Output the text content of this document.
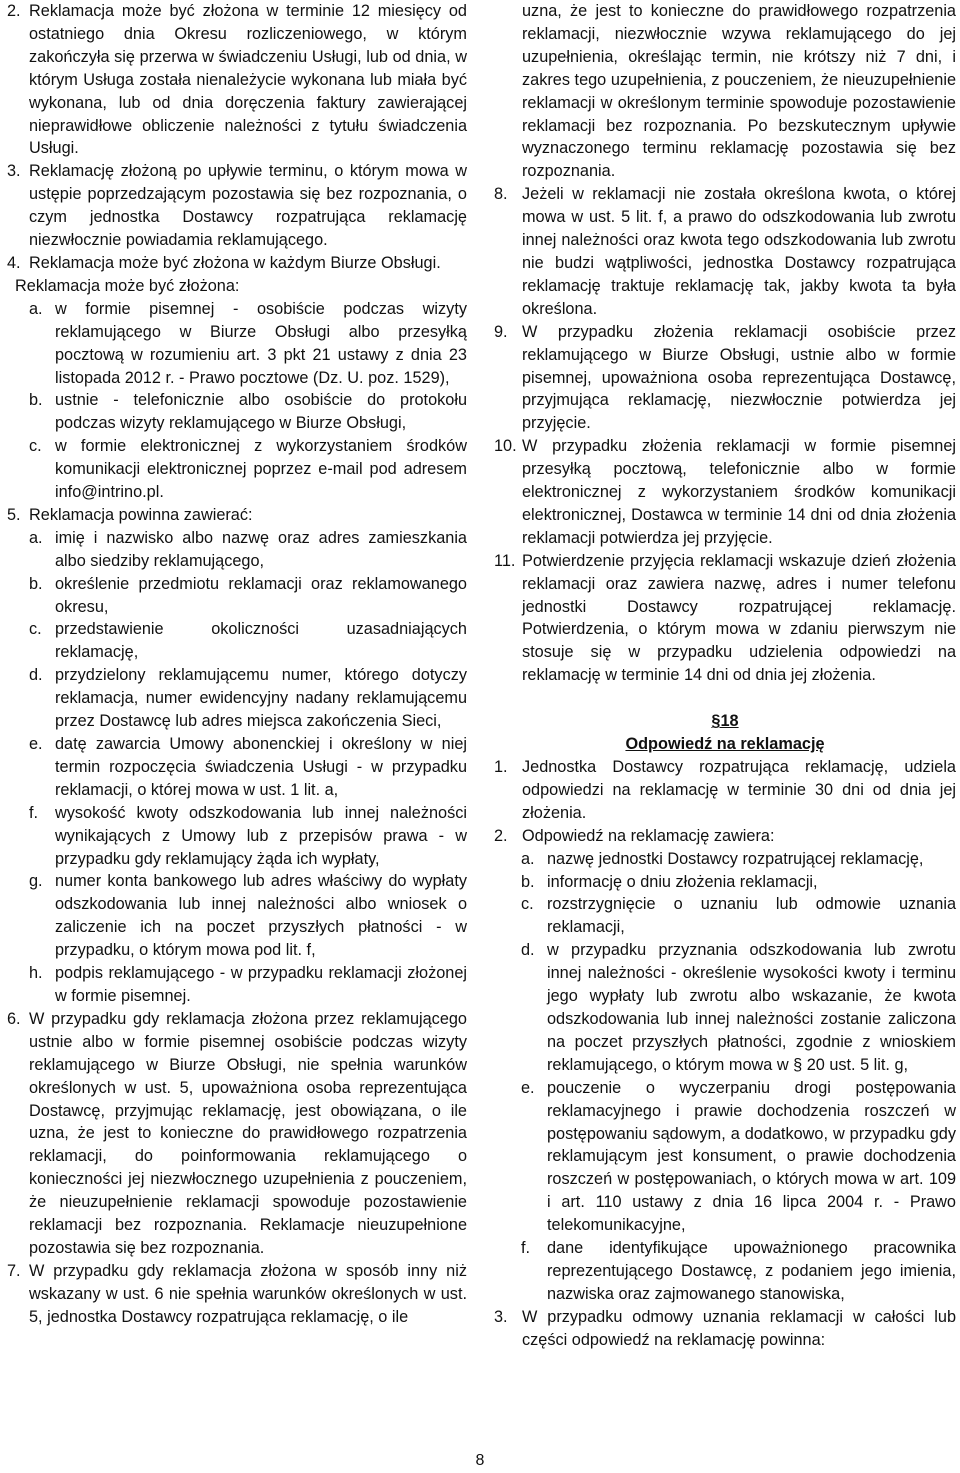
2. Reklamacja może być złożona w terminie 12 miesięcy od ostatniego dnia Okresu rozliczeniowego, w którym zakończyła się przerwa w świadczeniu Usługi, lub od dnia, w którym Usługa została nienależycie wykonana lub miała być wykonana, lub od dnia doręczenia faktury zawierającej nieprawidłowe obliczenie należności z tytułu świadczenia Usługi.

3. Reklamację złożoną po upływie terminu, o którym mowa w ustępie poprzedzającym pozostawia się bez rozpoznania, o czym jednostka Dostawcy rozpatrująca reklamację niezwłocznie powiadamia reklamującego.

4. Reklamacja może być złożona w każdym Biurze Obsługi.

Reklamacja może być złożona:

a. w formie pisemnej - osobiście podczas wizyty reklamującego w Biurze Obsługi albo przesyłką pocztową w rozumieniu art. 3 pkt 21 ustawy z dnia 23 listopada 2012 r. - Prawo pocztowe (Dz. U. poz. 1529),

b. ustnie - telefonicznie albo osobiście do protokołu podczas wizyty reklamującego w Biurze Obsługi,

c. w formie elektronicznej z wykorzystaniem środków komunikacji elektronicznej poprzez e-mail pod adresem info@intrino.pl.

5. Reklamacja powinna zawierać:

a. imię i nazwisko albo nazwę oraz adres zamieszkania albo siedziby reklamującego,

b. określenie przedmiotu reklamacji oraz reklamowanego okresu,

c. przedstawienie okoliczności uzasadniających reklamację,

d. przydzielony reklamującemu numer, którego dotyczy reklamacja, numer ewidencyjny nadany reklamującemu przez Dostawcę lub adres miejsca zakończenia Sieci,

e. datę zawarcia Umowy abonenckiej i określony w niej termin rozpoczęcia świadczenia Usługi - w przypadku reklamacji, o której mowa w ust. 1 lit. a,

f. wysokość kwoty odszkodowania lub innej należności wynikających z Umowy lub z przepisów prawa - w przypadku gdy reklamujący żąda ich wypłaty,

g. numer konta bankowego lub adres właściwy do wypłaty odszkodowania lub innej należności albo wniosek o zaliczenie ich na poczet przyszłych płatności - w przypadku, o którym mowa pod lit. f,

h. podpis reklamującego - w przypadku reklamacji złożonej w formie pisemnej.

6. W przypadku gdy reklamacja złożona przez reklamującego ustnie albo w formie pisemnej osobiście podczas wizyty reklamującego w Biurze Obsługi, nie spełnia warunków określonych w ust. 5, upoważniona osoba reprezentująca Dostawcę, przyjmując reklamację, jest obowiązana, o ile uzna, że jest to konieczne do prawidłowego rozpatrzenia reklamacji, do poinformowania reklamującego o konieczności jej niezwłocznego uzupełnienia z pouczeniem, że nieuzupełnienie reklamacji spowoduje pozostawienie reklamacji bez rozpoznania. Reklamacje nieuzupełnione pozostawia się bez rozpoznania.

7. W przypadku gdy reklamacja złożona w sposób inny niż wskazany w ust. 6 nie spełnia warunków określonych w ust. 5, jednostka Dostawcy rozpatrująca reklamację, o ile

uzna, że jest to konieczne do prawidłowego rozpatrzenia reklamacji, niezwłocznie wzywa reklamującego do jej uzupełnienia, określając termin, nie krótszy niż 7 dni, i zakres tego uzupełnienia, z pouczeniem, że nieuzupełnienie reklamacji w określonym terminie spowoduje pozostawienie reklamacji bez rozpoznania. Po bezskutecznym upływie wyznaczonego terminu reklamację pozostawia się bez rozpoznania.

8. Jeżeli w reklamacji nie została określona kwota, o której mowa w ust. 5 lit. f, a prawo do odszkodowania lub zwrotu innej należności oraz kwota tego odszkodowania lub zwrotu nie budzi wątpliwości, jednostka Dostawcy rozpatrująca reklamację traktuje reklamację tak, jakby kwota ta była określona.

9. W przypadku złożenia reklamacji osobiście przez reklamującego w Biurze Obsługi, ustnie albo w formie pisemnej, upoważniona osoba reprezentująca Dostawcę, przyjmująca reklamację, niezwłocznie potwierdza jej przyjęcie.

10. W przypadku złożenia reklamacji w formie pisemnej przesyłką pocztową, telefonicznie albo w formie elektronicznej z wykorzystaniem środków komunikacji elektronicznej, Dostawca w terminie 14 dni od dnia złożenia reklamacji potwierdza jej przyjęcie.

11. Potwierdzenie przyjęcia reklamacji wskazuje dzień złożenia reklamacji oraz zawiera nazwę, adres i numer telefonu jednostki Dostawcy rozpatrującej reklamację. Potwierdzenia, o którym mowa w zdaniu pierwszym nie stosuje się w przypadku udzielenia odpowiedzi na reklamację w terminie 14 dni od dnia jej złożenia.

§18

Odpowiedź na reklamację

1. Jednostka Dostawcy rozpatrująca reklamację, udziela odpowiedzi na reklamację w terminie 30 dni od dnia jej złożenia.

2. Odpowiedź na reklamację zawiera:

a. nazwę jednostki Dostawcy rozpatrującej reklamację,

b. informację o dniu złożenia reklamacji,

c. rozstrzygnięcie o uznaniu lub odmowie uznania reklamacji,

d. w przypadku przyznania odszkodowania lub zwrotu innej należności - określenie wysokości kwoty i terminu jego wypłaty lub zwrotu albo wskazanie, że kwota odszkodowania lub innej należności zostanie zaliczona na poczet przyszłych płatności, zgodnie z wnioskiem reklamującego, o którym mowa w § 20 ust. 5 lit. g,

e. pouczenie o wyczerpaniu drogi postępowania reklamacyjnego i prawie dochodzenia roszczeń w postępowaniu sądowym, a dodatkowo, w przypadku gdy reklamującym jest konsument, o prawie dochodzenia roszczeń w postępowaniach, o których mowa w art. 109 i art. 110 ustawy z dnia 16 lipca 2004 r. - Prawo telekomunikacyjne,

f. dane identyfikujące upoważnionego pracownika reprezentującego Dostawcę, z podaniem jego imienia, nazwiska oraz zajmowanego stanowiska,

3. W przypadku odmowy uznania reklamacji w całości lub części odpowiedź na reklamację powinna:

8
